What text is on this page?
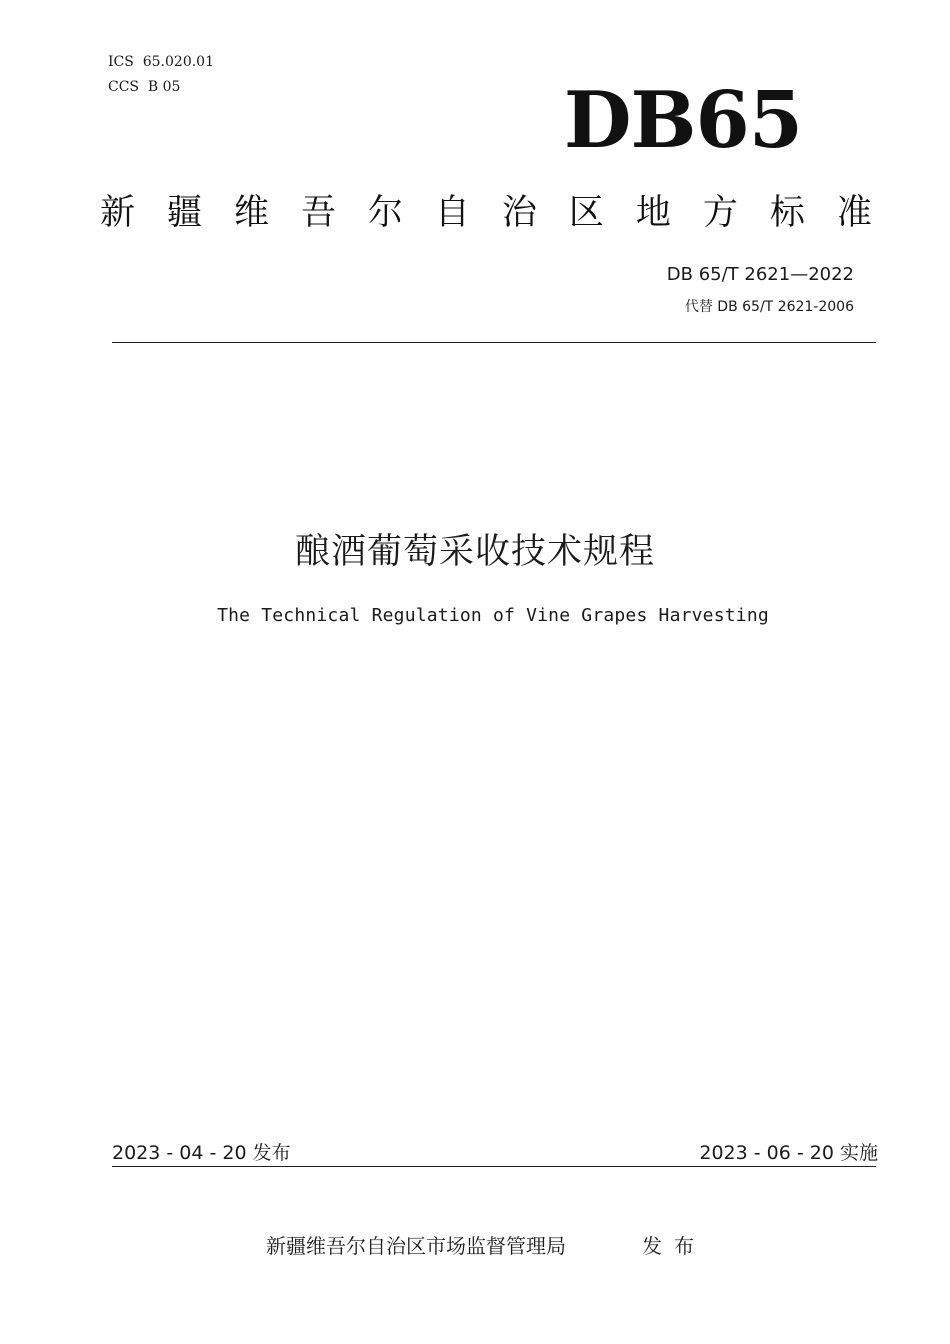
ICS  65.020.01
CCS  B 05	DB65
新 疆 维 吾 尔 自 治 区 地 方 标 准
DB 65/T 2621—2022
代替 DB 65/T 2621-2006
酿酒葡萄采收技术规程
The Technical Regulation of Vine Grapes Harvesting
2023 - 04 - 20 发布	2023 - 06 - 20 实施
新疆维吾尔自治区市场监督管理局	发布
